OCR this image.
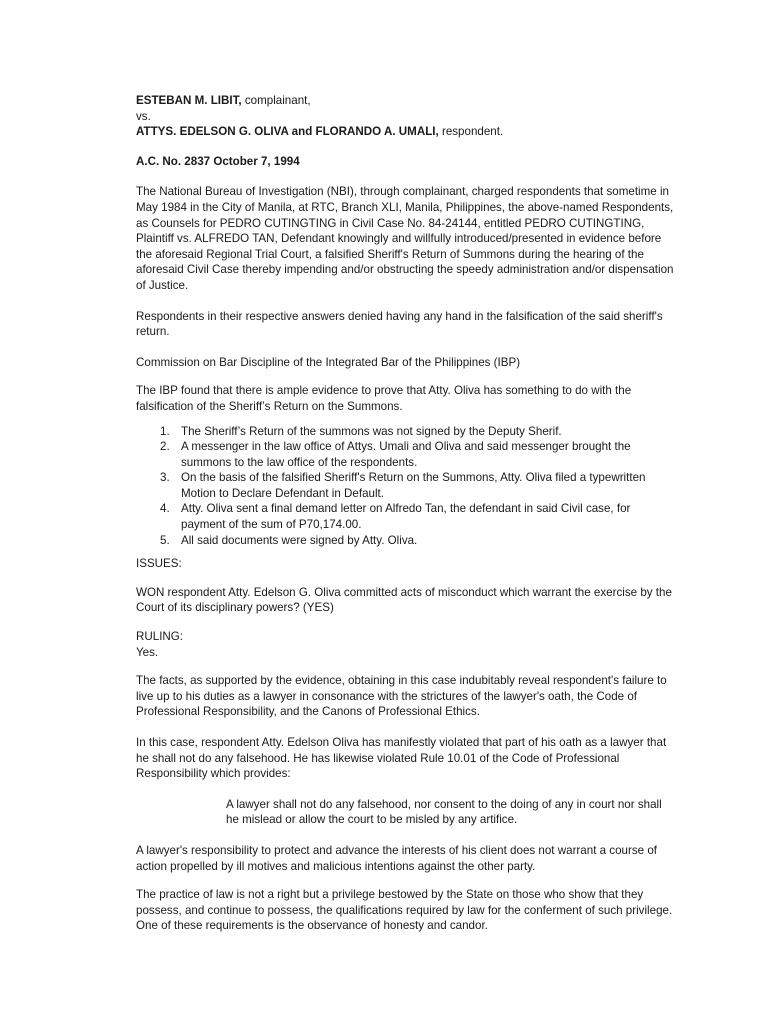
ESTEBAN M. LIBIT, complainant,

vs.

ATTYS. EDELSON G. OLIVA and FLORANDO A. UMALI, respondent.

A.C. No. 2837 October 7, 1994

The National Bureau of Investigation (NBI), through complainant, charged respondents that sometime in May 1984 in the City of Manila, at RTC, Branch XLI, Manila, Philippines, the above-named Respondents, as Counsels for PEDRO CUTINGTING in Civil Case No. 84-24144, entitled PEDRO CUTINGTING, Plaintiff vs. ALFREDO TAN, Defendant knowingly and willfully introduced/presented in evidence before the aforesaid Regional Trial Court, a falsified Sheriff's Return of Summons during the hearing of the aforesaid Civil Case thereby impending and/or obstructing the speedy administration and/or dispensation of Justice.

Respondents in their respective answers denied having any hand in the falsification of the said sheriff's return.

Commission on Bar Discipline of the Integrated Bar of the Philippines (IBP)

The IBP found that there is ample evidence to prove that Atty. Oliva has something to do with the falsification of the Sheriff’s Return on the Summons.

1. The Sheriff’s Return of the summons was not signed by the Deputy Sherif.
2. A messenger in the law office of Attys. Umali and Oliva and said messenger brought the summons to the law office of the respondents.
3. On the basis of the falsified Sheriff's Return on the Summons, Atty. Oliva filed a typewritten Motion to Declare Defendant in Default.
4. Atty. Oliva sent a final demand letter on Alfredo Tan, the defendant in said Civil case, for payment of the sum of P70,174.00.
5. All said documents were signed by Atty. Oliva.

ISSUES:

WON respondent Atty. Edelson G. Oliva committed acts of misconduct which warrant the exercise by the Court of its disciplinary powers? (YES)

RULING:

Yes.

The facts, as supported by the evidence, obtaining in this case indubitably reveal respondent's failure to live up to his duties as a lawyer in consonance with the strictures of the lawyer's oath, the Code of Professional Responsibility, and the Canons of Professional Ethics.

In this case, respondent Atty. Edelson Oliva has manifestly violated that part of his oath as a lawyer that he shall not do any falsehood. He has likewise violated Rule 10.01 of the Code of Professional Responsibility which provides:

A lawyer shall not do any falsehood, nor consent to the doing of any in court nor shall he mislead or allow the court to be misled by any artifice.

A lawyer's responsibility to protect and advance the interests of his client does not warrant a course of action propelled by ill motives and malicious intentions against the other party.

The practice of law is not a right but a privilege bestowed by the State on those who show that they possess, and continue to possess, the qualifications required by law for the conferment of such privilege. One of these requirements is the observance of honesty and candor.
